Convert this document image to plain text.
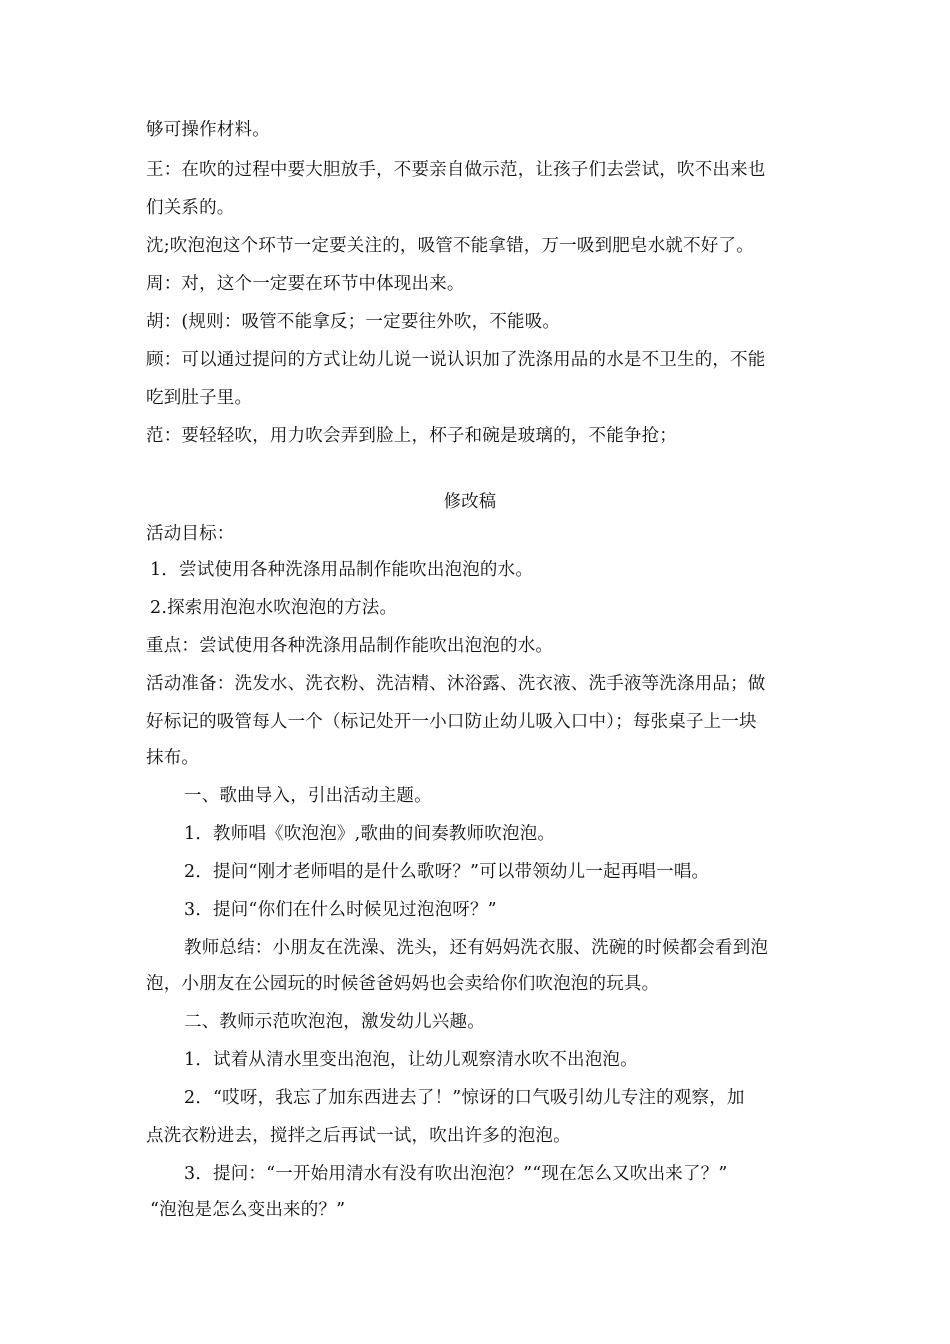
够可操作材料。
王：在吹的过程中要大胆放手，不要亲自做示范，让孩子们去尝试，吹不出来也
们关系的。
沈;吹泡泡这个环节一定要关注的，吸管不能拿错，万一吸到肥皂水就不好了。
周：对，这个一定要在环节中体现出来。
胡：(规则：吸管不能拿反；一定要往外吹，不能吸。
顾：可以通过提问的方式让幼儿说一说认识加了洗涤用品的水是不卫生的，不能
吃到肚子里。
范：要轻轻吹，用力吹会弄到脸上，杯子和碗是玻璃的，不能争抢；
修改稿
活动目标：
1．尝试使用各种洗涤用品制作能吹出泡泡的水。
2.探索用泡泡水吹泡泡的方法。
重点：尝试使用各种洗涤用品制作能吹出泡泡的水。
活动准备：洗发水、洗衣粉、洗洁精、沐浴露、洗衣液、洗手液等洗涤用品；做
好标记的吸管每人一个（标记处开一小口防止幼儿吸入口中）；每张桌子上一块
抹布。
一、歌曲导入，引出活动主题。
1．教师唱《吹泡泡》,歌曲的间奏教师吹泡泡。
2．提问“刚才老师唱的是什么歌呀？”可以带领幼儿一起再唱一唱。
3．提问“你们在什么时候见过泡泡呀？”
教师总结：小朋友在洗澡、洗头，还有妈妈洗衣服、洗碗的时候都会看到泡
泡，小朋友在公园玩的时候爸爸妈妈也会卖给你们吹泡泡的玩具。
二、教师示范吹泡泡，激发幼儿兴趣。
1．试着从清水里变出泡泡，让幼儿观察清水吹不出泡泡。
2．“哎呀，我忘了加东西进去了！”惊讶的口气吸引幼儿专注的观察，加
点洗衣粉进去，搅拌之后再试一试，吹出许多的泡泡。
3．提问：“一开始用清水有没有吹出泡泡？”“现在怎么又吹出来了？”
“泡泡是怎么变出来的？”
